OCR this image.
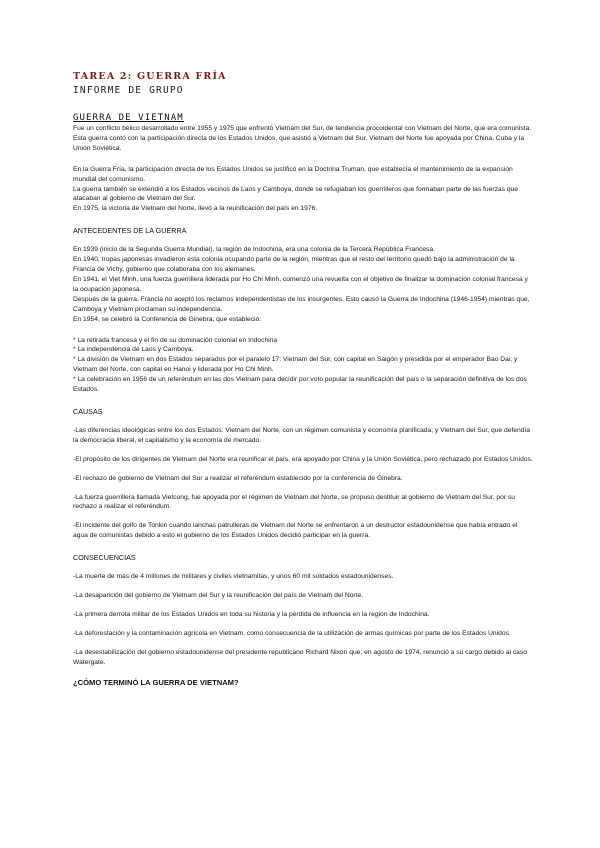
TAREA 2: GUERRA FRÍA
INFORME DE GRUPO

GUERRA DE VIETNAM

Fue un conflicto bélico desarrollado entre 1955 y 1975 que enfrentó Vietnam del Sur, de tendencia procoidental con Vietnam del Norte, que era comunista.

Esta guerra contó con la participación directa de los Estados Unidos, que asistió a Vietnam del Sur. Vietnam del Norte fue apoyada por China, Cuba y la Unión Soviética.

En la Guerra Fría, la participación directa de los Estados Unidos se justificó en la Doctrina Truman, que establecía el mantenimiento de la expansión mundial del comunismo.

La guerra también se extendió a los Estados vecinos de Laos y Camboya, donde se refugiaban los guerrilleros que formaban parte de las fuerzas que atacaban al gobierno de Vietnam del Sur.

En 1975, la victoria de Vietnam del Norte, llevó a la reunificación del país en 1976.

ANTECEDENTES DE LA GUERRA

En 1939 (inicio de la Segunda Guerra Mundial), la región de Indochina, era una colonia de la Tercera República Francesa.

En 1940, tropas japonesas invadieron esta colonia ocupando parte de la región, mientras que el resto del territorio quedó bajo la administración de la Francia de Vichy, gobierno que colaboraba con los alemanes.

En 1941, el Viet Minh, una fuerza guerrillera liderada por Ho Chi Minh, comenzó una revuelta con el objetivo de finalizar la dominación colonial francesa y la ocupación japonesa.

Después de la guerra, Francia no aceptó los reclamos independentistas de los insurgentes. Esto causó la Guerra de Indochina (1946-1954) mientras que, Camboya y Vietnam proclaman su independencia.

En 1954, se celebró la Conferencia de Ginebra, que estableció:

* La retirada francesa y el fin de su dominación colonial en Indochina

* La independencia de Laos y Camboya.

* La división de Vietnam en dos Estados separados por el paralelo 17: Vietnam del Sur, con capital en Saigón y presidida por el emperador Bao Dai; y Vietnam del Norte, con capital en Hanoi y liderada por Ho Chi Minh.

* La celebración en 1956 de un referéndum en las dos Vietnam para decidir por voto popular la reunificación del país o la separación definitiva de los dos Estados.

CAUSAS

-Las diferencias ideológicas entre los dos Estados: Vietnam del Norte, con un régimen comunista y economía planificada; y Vietnam del Sur, que defendía la democracia liberal, el capitalismo y la economía de mercado.

-El propósito de los dirigentes de Vietnam del Norte era reunificar el país, era apoyado por China y la Unión Soviética, pero rechazado por Estados Unidos.

-El rechazo de gobierno de Vietnam del Sur a realizar el referéndum establecido por la conferencia de Ginebra.

-La fuerza guerrillera llamada Vietcong, fue apoyada por el régimen de Vietnam del Norte, se propuso destituir al gobierno de Vietnam del Sur, por su rechazo a realizar el referéndum.

-El incidente del golfo de Tonkin cuando lanchas patrulleras de Vietnam del Norte se enfrentaron a un destructor estadounidense que había entrado el agua de comunistas debido a esto el gobierno de los Estados Unidos decidió participar en la guerra.

CONSECUENCIAS

-La muerte de más de 4 millones de militares y civiles vietnamitas, y unos 60 mil soldados estadounidenses.

-La desaparición del gobierno de Vietnam del Sur y la reunificación del país de Vietnam del Norte.

-La primera derrota militar de los Estados Unidos en toda su historia y la pérdida de influencia en la región de Indochina.

-La deforestación y la contaminación agrícola en Vietnam, como consecuencia de la utilización de armas químicas por parte de los Estados Unidos.

-La desestabilización del gobierno estadounidense del presidente republicano Richard Nixon que, en agosto de 1974, renunció a su cargo debido al caso Watergate.

¿CÓMO TERMINÓ LA GUERRA DE VIETNAM?
